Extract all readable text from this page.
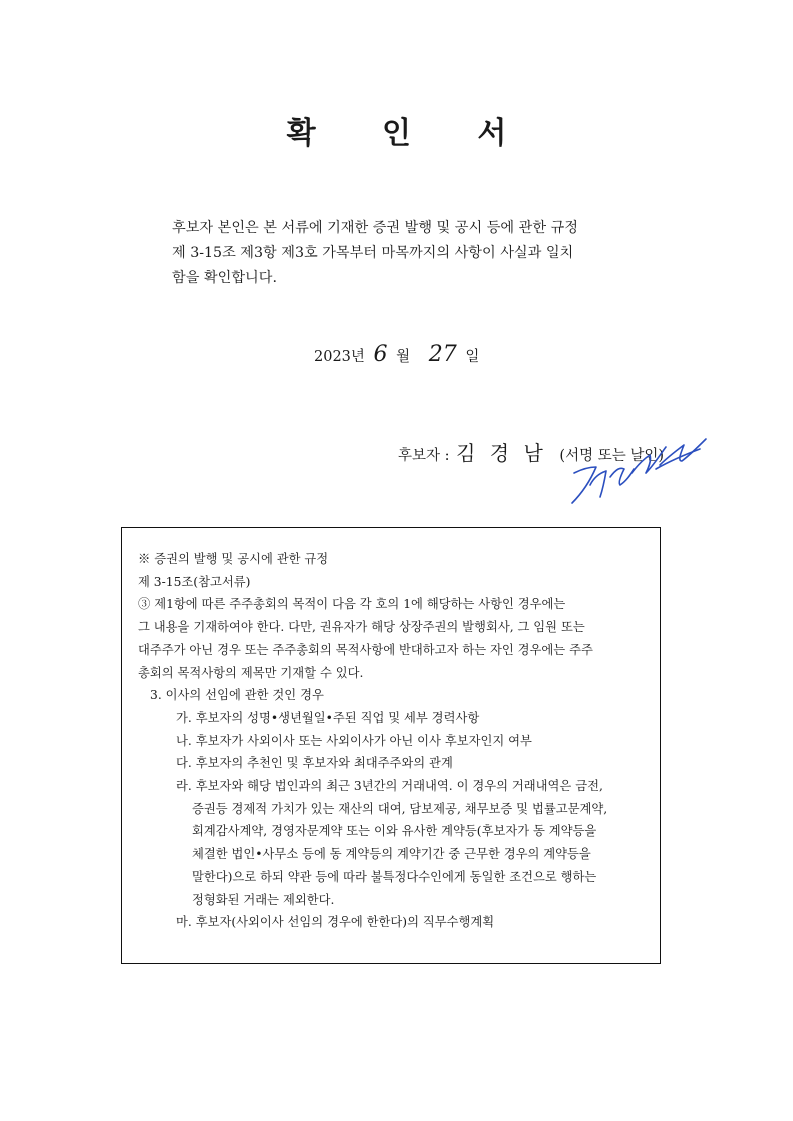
확 인 서
후보자 본인은 본 서류에 기재한 증권 발행 및 공시 등에 관한 규정
제 3-15조 제3항 제3호 가목부터 마목까지의 사항이 사실과 일치
함을 확인합니다.
2023년 6 월 27 일
후보자 : 김 경 남 (서명 또는 날인)
※ 증권의 발행 및 공시에 관한 규정
제 3-15조(참고서류)
③ 제1항에 따른 주주총회의 목적이 다음 각 호의 1에 해당하는 사항인 경우에는
그 내용을 기재하여야 한다. 다만, 권유자가 해당 상장주권의 발행회사, 그 임원 또는
대주주가 아닌 경우 또는 주주총회의 목적사항에 반대하고자 하는 자인 경우에는 주주
총회의 목적사항의 제목만 기재할 수 있다.
3. 이사의 선임에 관한 것인 경우
가. 후보자의 성명•생년월일•주된 직업 및 세부 경력사항
나. 후보자가 사외이사 또는 사외이사가 아닌 이사 후보자인지 여부
다. 후보자의 추천인 및 후보자와 최대주주와의 관계
라. 후보자와 해당 법인과의 최근 3년간의 거래내역. 이 경우의 거래내역은 금전,
증권등 경제적 가치가 있는 재산의 대여, 담보제공, 채무보증 및 법률고문계약,
회계감사계약, 경영자문계약 또는 이와 유사한 계약등(후보자가 동 계약등을
체결한 법인•사무소 등에 동 계약등의 계약기간 중 근무한 경우의 계약등을
말한다)으로 하되 약관 등에 따라 불특정다수인에게 동일한 조건으로 행하는
정형화된 거래는 제외한다.
마. 후보자(사외이사 선임의 경우에 한한다)의 직무수행계획
